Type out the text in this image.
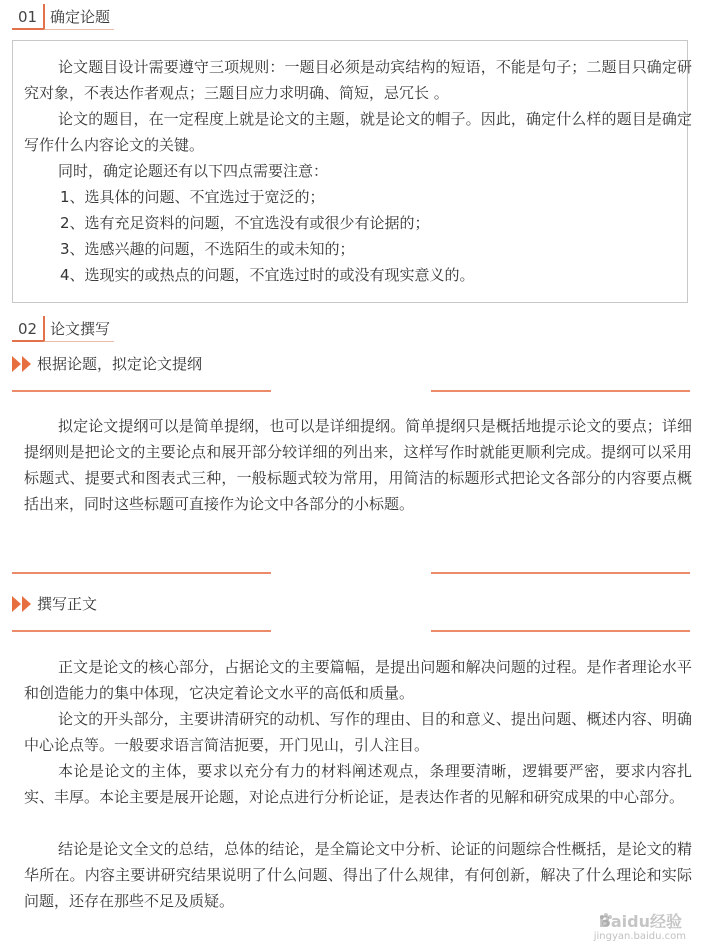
01 确定论题

论文题目设计需要遵守三项规则：一题目必须是动宾结构的短语，不能是句子；二题目只确定研究对象，不表达作者观点；三题目应力求明确、简短，忌冗长 。

论文的题目，在一定程度上就是论文的主题，就是论文的帽子。因此，确定什么样的题目是确定写作什么内容论文的关键。

同时，确定论题还有以下四点需要注意：

1、选具体的问题、不宜选过于宽泛的；
2、选有充足资料的问题，不宜选没有或很少有论据的；
3、选感兴趣的问题，不选陌生的或未知的；
4、选现实的或热点的问题，不宜选过时的或没有现实意义的。
02 论文撰写
根据论题，拟定论文提纲

拟定论文提纲可以是简单提纲，也可以是详细提纲。简单提纲只是概括地提示论文的要点；详细提纲则是把论文的主要论点和展开部分较详细的列出来，这样写作时就能更顺利完成。提纲可以采用标题式、提要式和图表式三种，一般标题式较为常用，用简洁的标题形式把论文各部分的内容要点概括出来，同时这些标题可直接作为论文中各部分的小标题。

撰写正文

正文是论文的核心部分，占据论文的主要篇幅，是提出问题和解决问题的过程。是作者理论水平和创造能力的集中体现，它决定着论文水平的高低和质量。

论文的开头部分，主要讲清研究的动机、写作的理由、目的和意义、提出问题、概述内容、明确中心论点等。一般要求语言简洁扼要，开门见山，引人注目。

本论是论文的主体，要求以充分有力的材料阐述观点，条理要清晰，逻辑要严密，要求内容扎实、丰厚。本论主要是展开论题，对论点进行分析论证，是表达作者的见解和研究成果的中心部分。

结论是论文全文的总结，总体的结论，是全篇论文中分析、论证的问题综合性概括，是论文的精华所在。内容主要讲研究结果说明了什么问题、得出了什么规律，有何创新，解决了什么理论和实际问题，还存在那些不足及质疑。

Baidu经验
jingyan.baidu.com
